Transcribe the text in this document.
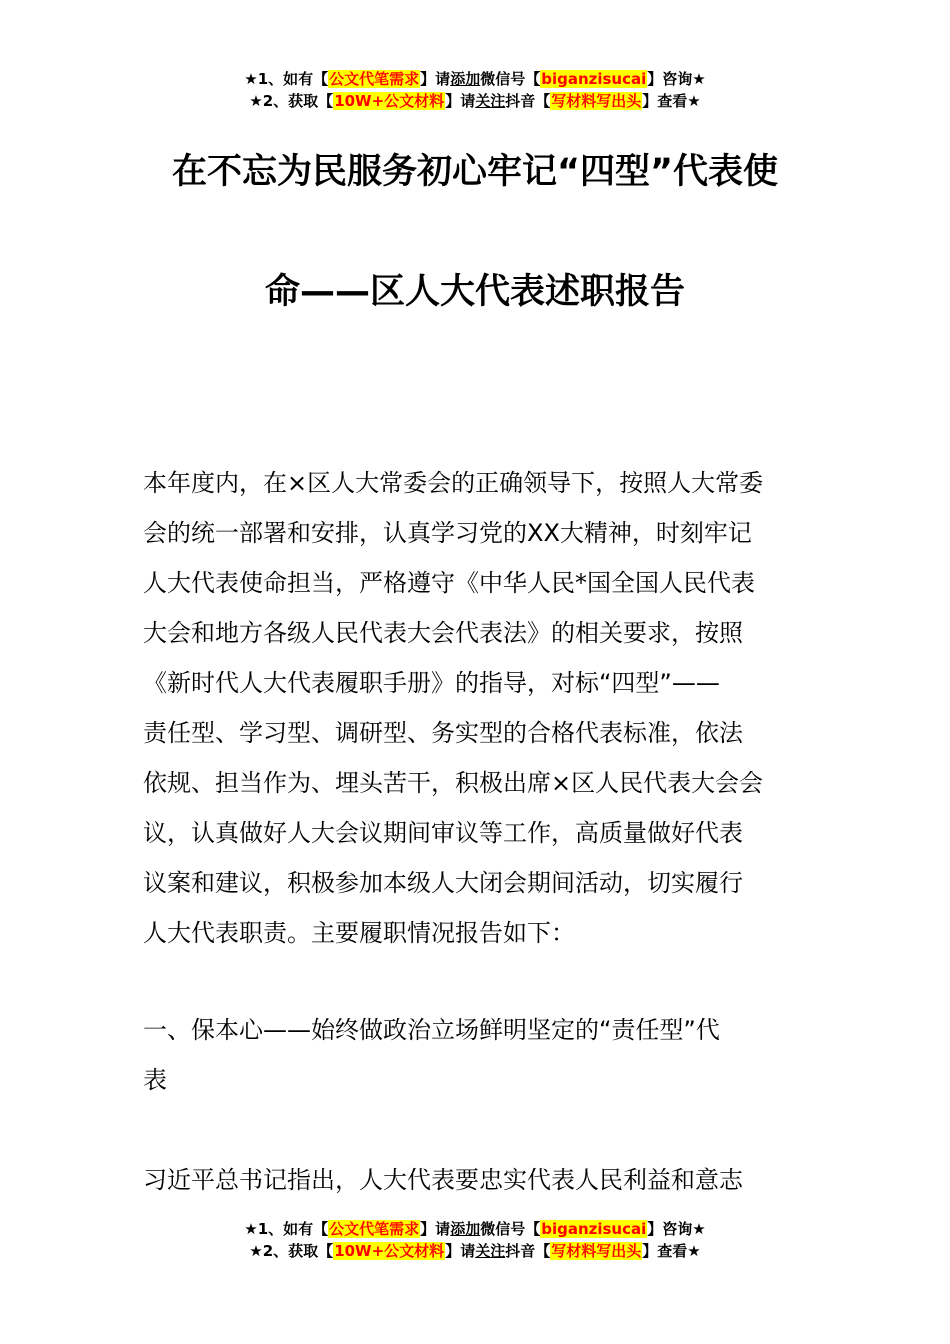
★1、如有【公文代笔需求】请添加微信号【biganzisucai】咨询★
★2、获取【10W+公文材料】请关注抖音【写材料写出头】查看★
在不忘为民服务初心牢记“四型”代表使
命——区人大代表述职报告
本年度内，在×区人大常委会的正确领导下，按照人大常委
会的统一部署和安排，认真学习党的XX大精神，时刻牢记
人大代表使命担当，严格遵守《中华人民*国全国人民代表
大会和地方各级人民代表大会代表法》的相关要求，按照
《新时代人大代表履职手册》的指导，对标“四型”——
责任型、学习型、调研型、务实型的合格代表标准，依法
依规、担当作为、埋头苦干，积极出席×区人民代表大会会
议，认真做好人大会议期间审议等工作，高质量做好代表
议案和建议，积极参加本级人大闭会期间活动，切实履行
人大代表职责。主要履职情况报告如下：
一、保本心——始终做政治立场鲜明坚定的“责任型”代
表
习近平总书记指出，人大代表要忠实代表人民利益和意志
★1、如有【公文代笔需求】请添加微信号【biganzisucai】咨询★
★2、获取【10W+公文材料】请关注抖音【写材料写出头】查看★
